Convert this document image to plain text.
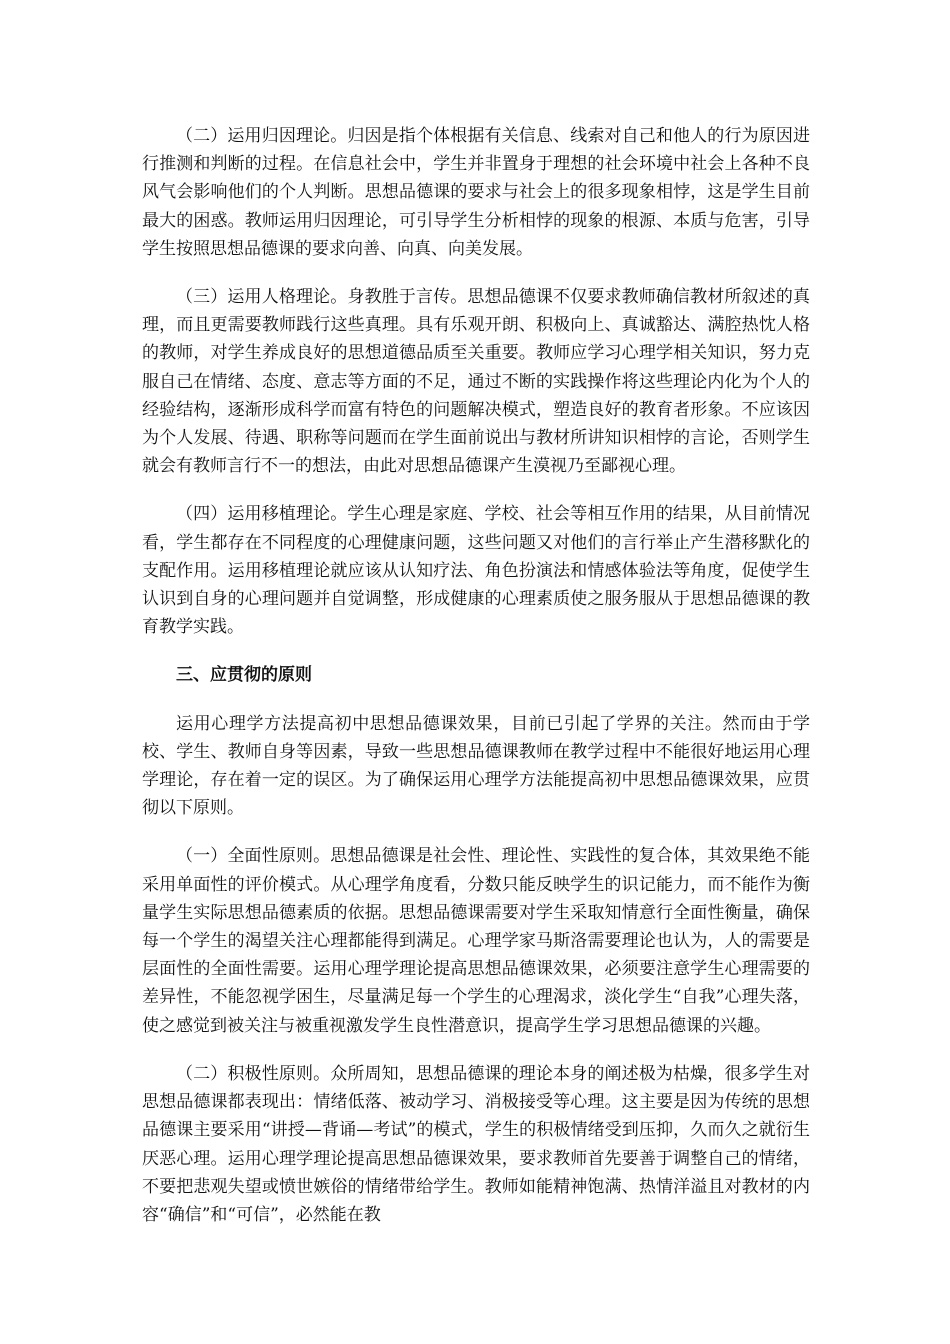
（二）运用归因理论。归因是指个体根据有关信息、线索对自己和他人的行为原因进行推测和判断的过程。在信息社会中，学生并非置身于理想的社会环境中社会上各种不良风气会影响他们的个人判断。思想品德课的要求与社会上的很多现象相悖，这是学生目前最大的困惑。教师运用归因理论，可引导学生分析相悖的现象的根源、本质与危害，引导学生按照思想品德课的要求向善、向真、向美发展。

（三）运用人格理论。身教胜于言传。思想品德课不仅要求教师确信教材所叙述的真理，而且更需要教师践行这些真理。具有乐观开朗、积极向上、真诚豁达、满腔热忱人格的教师，对学生养成良好的思想道德品质至关重要。教师应学习心理学相关知识，努力克服自己在情绪、态度、意志等方面的不足，通过不断的实践操作将这些理论内化为个人的经验结构，逐渐形成科学而富有特色的问题解决模式，塑造良好的教育者形象。不应该因为个人发展、待遇、职称等问题而在学生面前说出与教材所讲知识相悖的言论，否则学生就会有教师言行不一的想法，由此对思想品德课产生漠视乃至鄙视心理。

（四）运用移植理论。学生心理是家庭、学校、社会等相互作用的结果，从目前情况看，学生都存在不同程度的心理健康问题，这些问题又对他们的言行举止产生潜移默化的支配作用。运用移植理论就应该从认知疗法、角色扮演法和情感体验法等角度，促使学生认识到自身的心理问题并自觉调整，形成健康的心理素质使之服务服从于思想品德课的教育教学实践。

三、应贯彻的原则

运用心理学方法提高初中思想品德课效果，目前已引起了学界的关注。然而由于学校、学生、教师自身等因素，导致一些思想品德课教师在教学过程中不能很好地运用心理学理论，存在着一定的误区。为了确保运用心理学方法能提高初中思想品德课效果，应贯彻以下原则。

（一）全面性原则。思想品德课是社会性、理论性、实践性的复合体，其效果绝不能采用单面性的评价模式。从心理学角度看，分数只能反映学生的识记能力，而不能作为衡量学生实际思想品德素质的依据。思想品德课需要对学生采取知情意行全面性衡量，确保每一个学生的渴望关注心理都能得到满足。心理学家马斯洛需要理论也认为，人的需要是层面性的全面性需要。运用心理学理论提高思想品德课效果，必须要注意学生心理需要的差异性，不能忽视学困生，尽量满足每一个学生的心理渴求，淡化学生“自我”心理失落，使之感觉到被关注与被重视激发学生良性潜意识，提高学生学习思想品德课的兴趣。

（二）积极性原则。众所周知，思想品德课的理论本身的阐述极为枯燥，很多学生对思想品德课都表现出：情绪低落、被动学习、消极接受等心理。这主要是因为传统的思想品德课主要采用“讲授—背诵—考试”的模式，学生的积极情绪受到压抑，久而久之就衍生厌恶心理。运用心理学理论提高思想品德课效果，要求教师首先要善于调整自己的情绪，不要把悲观失望或愤世嫉俗的情绪带给学生。教师如能精神饱满、热情洋溢且对教材的内容“确信”和“可信”，必然能在教
